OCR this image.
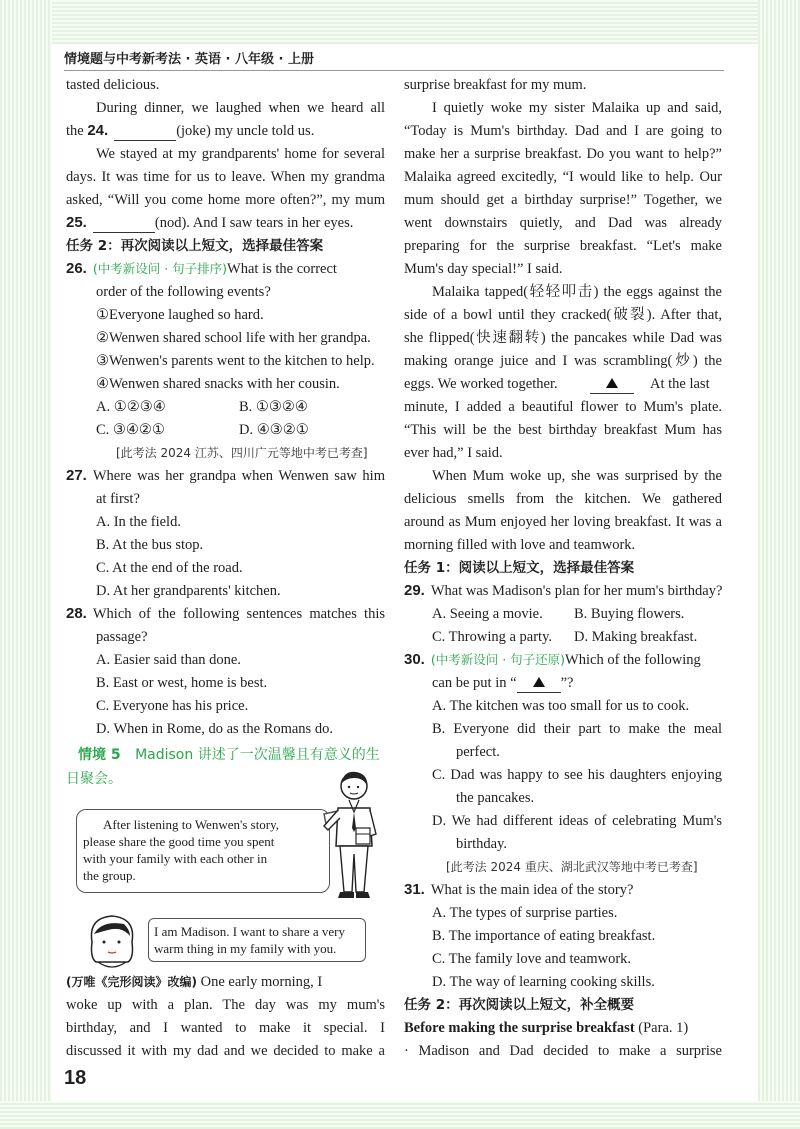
情境题与中考新考法 · 英语 · 八年级 · 上册
tasted delicious.
During dinner, we laughed when we heard all
the 24.	(joke) my uncle told us.
We stayed at my grandparents' home for several
days. It was time for us to leave. When my grandma
asked, “Will you come home more often?”, my mum
25.	(nod). And I saw tears in her eyes.
任务 2：再次阅读以上短文，选择最佳答案
26. (中考新设问 · 句子排序)What is the correct
order of the following events?
①Everyone laughed so hard.
②Wenwen shared school life with her grandpa.
③Wenwen's parents went to the kitchen to help.
④Wenwen shared snacks with her cousin.
A. ①②③④	B. ①③②④
C. ③④②①	D. ④③②①
[此考法 2024 江苏、四川广元等地中考已考查]
27. Where was her grandpa when Wenwen saw him
at first?
A. In the field.
B. At the bus stop.
C. At the end of the road.
D. At her grandparents' kitchen.
28. Which of the following sentences matches this
passage?
A. Easier said than done.
B. East or west, home is best.
C. Everyone has his price.
D. When in Rome, do as the Romans do.
情境 5 Madison 讲述了一次温馨且有意义的生
日聚会。
After listening to Wenwen's story,
please share the good time you spent
with your family with each other in
the group.
I am Madison. I want to share a very
warm thing in my family with you.
(万唯《完形阅读》改编) One early morning, I
woke up with a plan. The day was my mum's
birthday, and I wanted to make it special. I
discussed it with my dad and we decided to make a
18
surprise breakfast for my mum.
I quietly woke my sister Malaika up and said,
“Today is Mum's birthday. Dad and I are going to
make her a surprise breakfast. Do you want to help?”
Malaika agreed excitedly, “I would like to help. Our
mum should get a birthday surprise!” Together, we
went downstairs quietly, and Dad was already
preparing for the surprise breakfast. “Let's make
Mum's day special!” I said.
Malaika tapped(轻轻叩击) the eggs against the
side of a bowl until they cracked(破裂). After that,
she flipped(快速翻转) the pancakes while Dad was
making orange juice and I was scrambling(炒) the
eggs. We worked together.	At the last
minute, I added a beautiful flower to Mum's plate.
“This will be the best birthday breakfast Mum has
ever had,” I said.
When Mum woke up, she was surprised by the
delicious smells from the kitchen. We gathered
around as Mum enjoyed her loving breakfast. It was a
morning filled with love and teamwork.
任务 1：阅读以上短文，选择最佳答案
29. What was Madison's plan for her mum's birthday?
A. Seeing a movie. B. Buying flowers.
C. Throwing a party. D. Making breakfast.
30. (中考新设问 · 句子还原)Which of the following
can be put in “	”?
A. The kitchen was too small for us to cook.
B. Everyone did their part to make the meal
perfect.
C. Dad was happy to see his daughters enjoying
the pancakes.
D. We had different ideas of celebrating Mum's
birthday.
[此考法 2024 重庆、湖北武汉等地中考已考查]
31. What is the main idea of the story?
A. The types of surprise parties.
B. The importance of eating breakfast.
C. The family love and teamwork.
D. The way of learning cooking skills.
任务 2：再次阅读以上短文，补全概要
Before making the surprise breakfast (Para. 1)
· Madison and Dad decided to make a surprise
